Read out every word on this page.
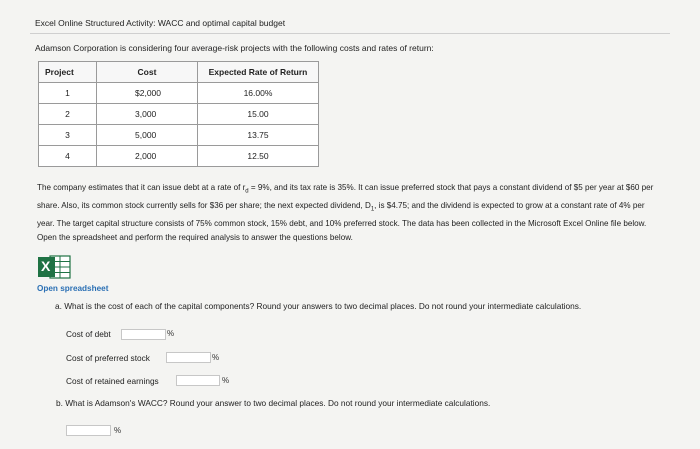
Excel Online Structured Activity: WACC and optimal capital budget
Adamson Corporation is considering four average-risk projects with the following costs and rates of return:
Project	Cost	Expected Rate of Return
1	$2,000	16.00%
2	3,000	15.00
3	5,000	13.75
4	2,000	12.50
The company estimates that it can issue debt at a rate of $r_d = 9\%$, and its tax rate is 35%. It can issue preferred stock that pays a constant dividend of $5 per year at $60 per share. Also, its common stock currently sells for $36 per share; the next expected dividend, $D_1$, is $4.75; and the dividend is expected to grow at a constant rate of 4% per year. The target capital structure consists of 75% common stock, 15% debt, and 10% preferred stock. The data has been collected in the Microsoft Excel Online file below. Open the spreadsheet and perform the required analysis to answer the questions below.
X
Open spreadsheet
a. What is the cost of each of the capital components? Round your answers to two decimal places. Do not round your intermediate calculations.
Cost of debt	%
Cost of preferred stock	%
Cost of retained earnings	%
b. What is Adamson's WACC? Round your answer to two decimal places. Do not round your intermediate calculations.
%
